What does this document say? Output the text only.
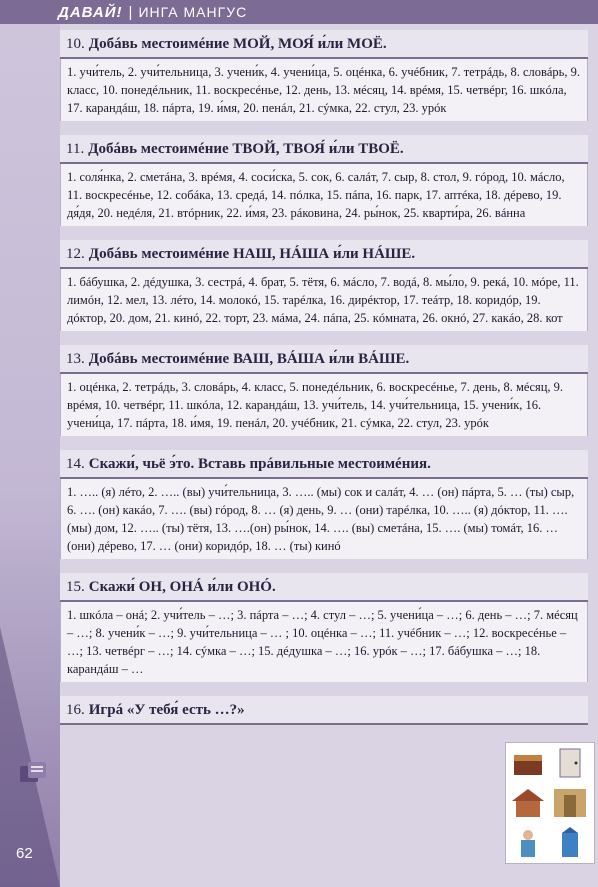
ДАВАЙ! | ИНГА МАНГУС
10. Добáвь местоимéние МОЙ, МОЯ́ и́ли МОЁ.
1. учи́тель, 2. учи́тельница, 3. учени́к, 4. учени́ца, 5. оцéнка, 6. учéбник, 7. тетрáдь, 8. словáрь, 9. класс, 10. понедéльник, 11. воскресéнье, 12. день, 13. мéсяц, 14. врéмя, 15. четвéрг, 16. шкóла, 17. карандáш, 18. пáрта, 19. и́мя, 20. пенáл, 21. сýмка, 22. стул, 23. урóк
11. Добáвь местоимéние ТВОЙ, ТВОЯ́ и́ли ТВОЁ.
1. соля́нка, 2. сметáна, 3. врéмя, 4. соси́ска, 5. сок, 6. салáт, 7. сыр, 8. стол, 9. гóрод, 10. мáсло, 11. воскресéнье, 12. собáка, 13. средá, 14. пóлка, 15. пáпа, 16. парк, 17. аптéка, 18. дéрево, 19. дя́дя, 20. недéля, 21. втóрник, 22. и́мя, 23. рáковина, 24. ры́нок, 25. кварти́ра, 26. вáнна
12. Добáвь местоимéние НАШ, НÁША и́ли НÁШЕ.
1. бáбушка, 2. дéдушка, 3. сестрá, 4. брат, 5. тётя, 6. мáсло, 7. водá, 8. мы́ло, 9. рекá, 10. мóре, 11. лимóн, 12. мел, 13. лéто, 14. молокó, 15. тарéлка, 16. дирéктор, 17. теáтр, 18. коридóр, 19. дóктор, 20. дом, 21. кинó, 22. торт, 23. мáма, 24. пáпа, 25. кóмната, 26. окнó, 27. какáо, 28. кот
13. Добáвь местоимéние ВАШ, ВÁША и́ли ВÁШЕ.
1. оцéнка, 2. тетрáдь, 3. словáрь, 4. класс, 5. понедéльник, 6. воскресéнье, 7. день, 8. мéсяц, 9. врéмя, 10. четвéрг, 11. шкóла, 12. карандáш, 13. учи́тель, 14. учи́тельница, 15. учени́к, 16. учени́ца, 17. пáрта, 18. и́мя, 19. пенáл, 20. учéбник, 21. сýмка, 22. стул, 23. урóк
14. Скажи́, чьё э́то. Вставь прáвильные местоимéния.
1. ….. (я) лéто, 2. ….. (вы) учи́тельница, 3. ….. (мы) сок и салáт, 4. … (он) пáрта, 5. … (ты) сыр, 6. …. (он) какáо, 7. …. (вы) гóрод, 8. … (я) день, 9. … (они) тарéлка, 10. ….. (я) дóктор, 11. …. (мы) дом, 12. ….. (ты) тётя, 13. ….(он) ры́нок, 14. …. (вы) сметáна, 15. …. (мы) томáт, 16. … (они) дéрево, 17. … (они) коридóр, 18. … (ты) кинó
15. Скажи́ ОН, ОНÁ и́ли ОНÓ.
1. шкóла – онá; 2. учи́тель – …; 3. пáрта – …; 4. стул – …; 5. учени́ца – …; 6. день – …; 7. мéсяц – …; 8. учени́к – …; 9. учи́тельница – … ; 10. оцéнка – …; 11. учéбник – …; 12. воскресéнье – …; 13. четвéрг – …; 14. сýмка – …; 15. дéдушка – …; 16. урóк – …; 17. бáбушка – …; 18. карандáш – …
16. Игрá «У тебя́ есть …?»
62
